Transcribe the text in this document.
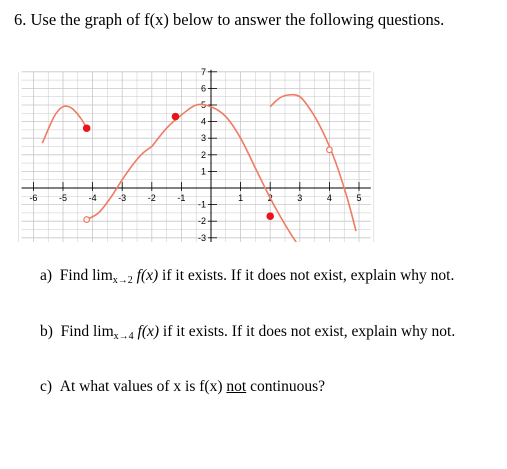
6. Use the graph of f(x) below to answer the following questions.
-6 -5 -4 -3 -2 -1	1	2	3	4	5
-3
-2
-1
1
2
3
4
5
6
7
a) Find limx→2 f(x) if it exists. If it does not exist, explain why not.
b) Find limx→4 f(x) if it exists. If it does not exist, explain why not.
c) At what values of x is f(x) not continuous?
